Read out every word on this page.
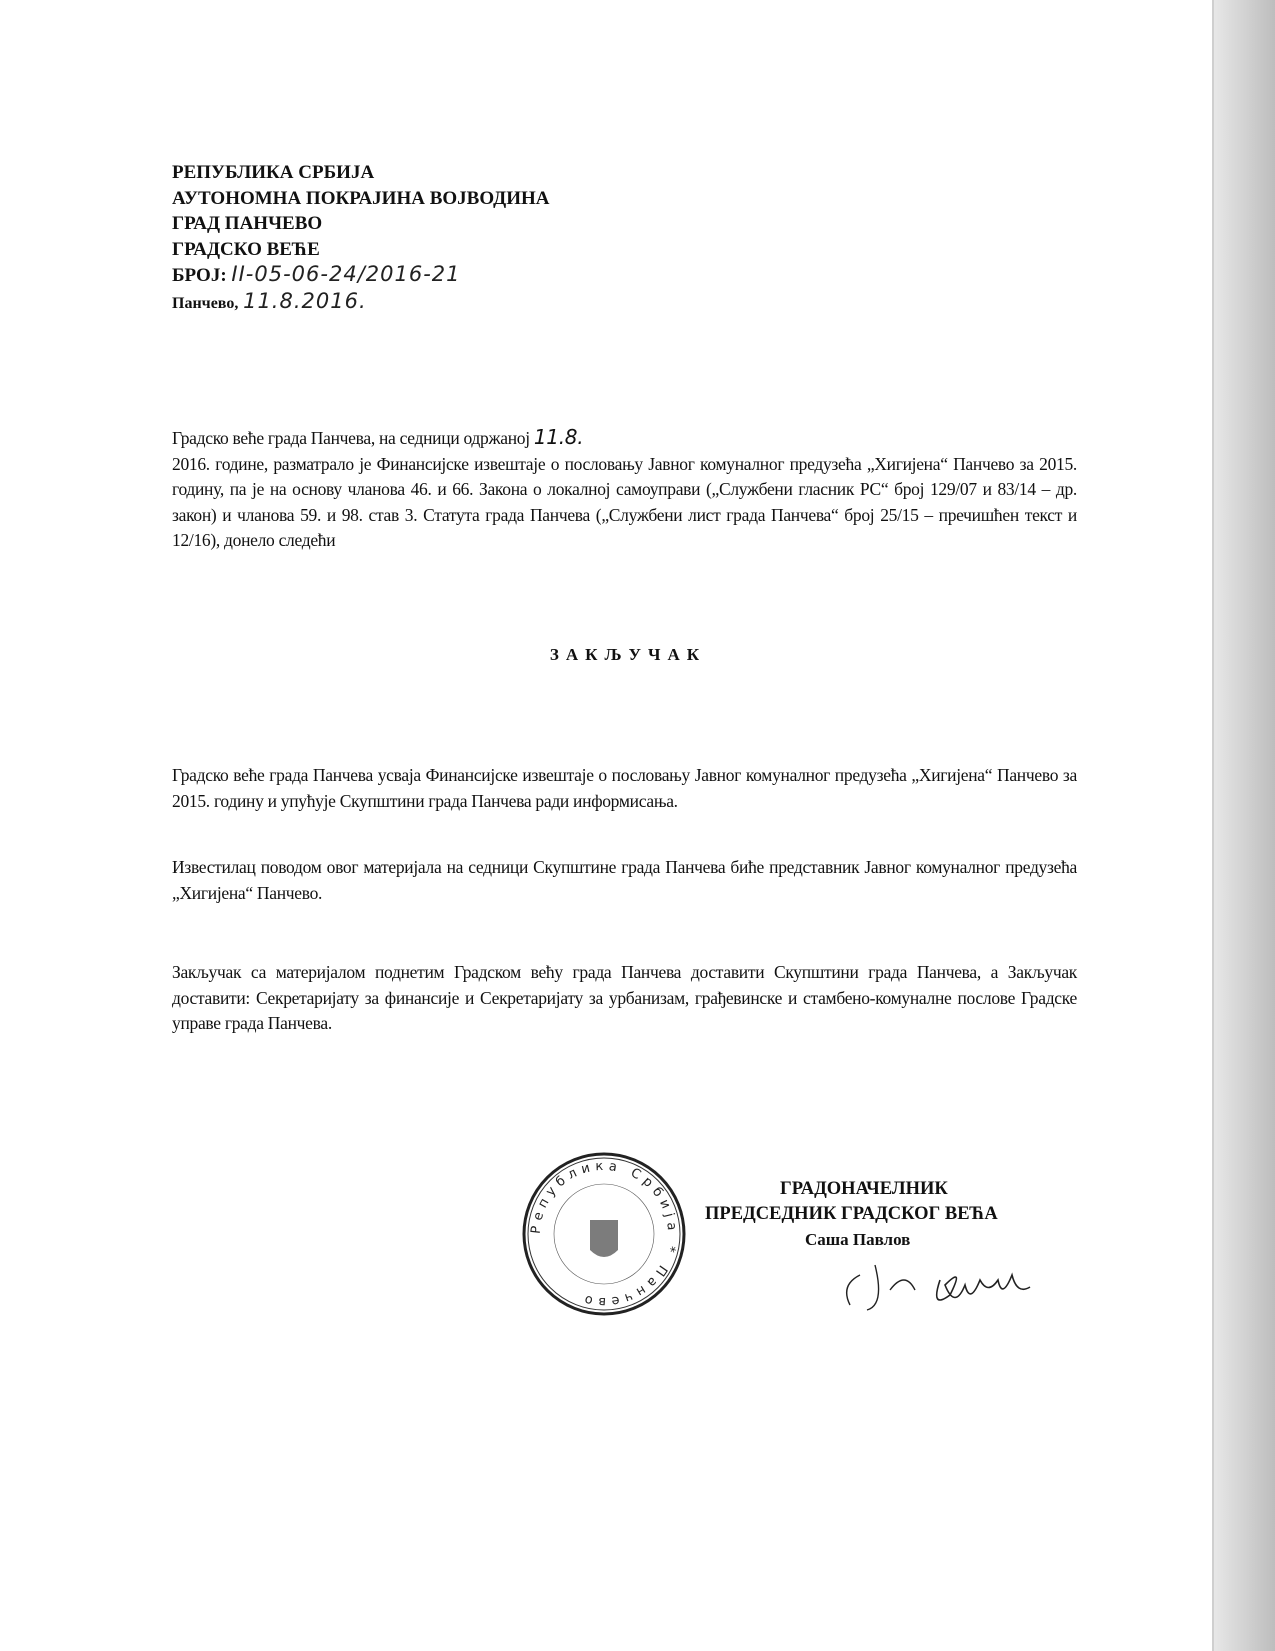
РЕПУБЛИКА СРБИЈА
АУТОНОМНА ПОКРАЈИНА ВОЈВОДИНА
ГРАД ПАНЧЕВО
ГРАДСКО ВЕЋЕ
БРОЈ: II-05-06-24/2016-21
Панчево, 11.8.2016.
Градско веће града Панчева, на седници одржаној 11.8.
2016. године, разматрало је Финансијске извештаје о пословању Јавног комуналног предузећа „Хигијена“ Панчево за 2015. годину, па је на основу чланова 46. и 66. Закона о локалној самоуправи („Службени гласник РС“ број 129/07 и 83/14 – др. закон) и чланова 59. и 98. став 3. Статута града Панчева („Службени лист града Панчева“ број 25/15 – пречишћен текст и 12/16), донело следећи
ЗАКЉУЧАК
Градско веће града Панчева усваја Финансијске извештаје о пословању Јавног комуналног предузећа „Хигијена“ Панчево за 2015. годину и упућује Скупштини града Панчева ради информисања.
Известилац поводом овог материјала на седници Скупштине града Панчева биће представник Јавног комуналног предузећа „Хигијена“ Панчево.
Закључак са материјалом поднетим Градском већу града Панчева доставити Скупштини града Панчева, а Закључак доставити: Секретаријату за финансије и Секретаријату за урбанизам, грађевинске и стамбено-комуналне послове Градске управе града Панчева.
Република Србија * Панчево
ГРАДОНАЧЕЛНИК
ПРЕДСЕДНИК ГРАДСКОГ ВЕЋА
Саша Павлов
